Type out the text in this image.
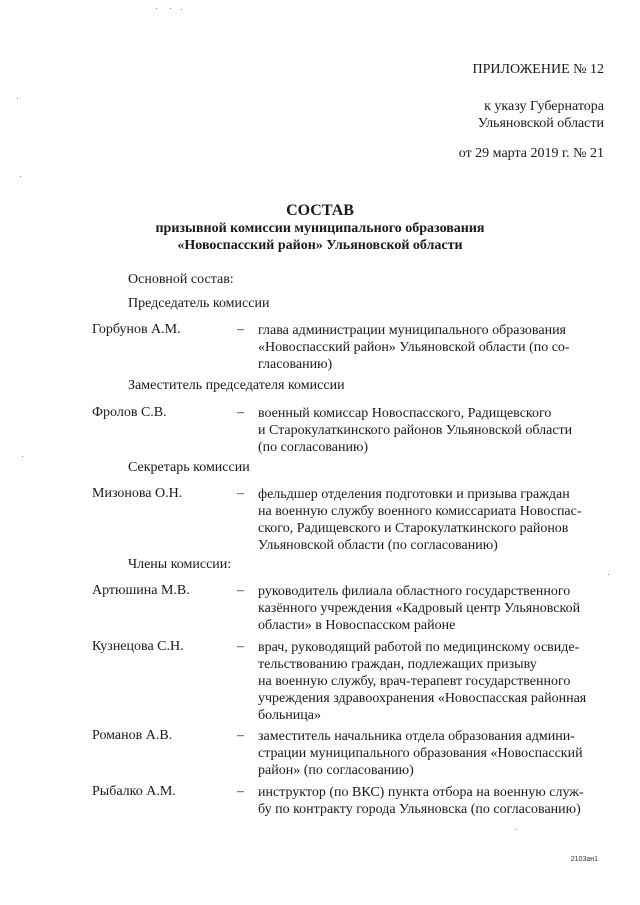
ПРИЛОЖЕНИЕ № 12
к указу Губернатора
Ульяновской области
от 29 марта 2019 г. № 21
СОСТАВ
призывной комиссии муниципального образования
«Новоспасский район» Ульяновской области
Основной состав:
Председатель комиссии
Горбунов А.М.	– глава администрации муниципального образования
«Новоспасский район» Ульяновской области (по со-
гласованию)
Заместитель председателя комиссии
Фролов С.В.	– военный комиссар Новоспасского, Радищевского
и Старокулаткинского районов Ульяновской области
(по согласованию)
Секретарь комиссии
Мизонова О.Н.	– фельдшер отделения подготовки и призыва граждан
на военную службу военного комиссариата Новоспас-
ского, Радищевского и Старокулаткинского районов
Ульяновской области (по согласованию)
Члены комиссии:
Артюшина М.В.	– руководитель филиала областного государственного
казённого учреждения «Кадровый центр Ульяновской
области» в Новоспасском районе
Кузнецова С.Н.	– врач, руководящий работой по медицинскому освиде-
тельствованию граждан, подлежащих призыву
на военную службу, врач-терапевт государственного
учреждения здравоохранения «Новоспасская районная
больница»
Романов А.В.	– заместитель начальника отдела образования админи-
страции муниципального образования «Новоспасский
район» (по согласованию)
Рыбалко А.М.	– инструктор (по ВКС) пункта отбора на военную служ-
бу по контракту города Ульяновска (по согласованию)
2103ан1
